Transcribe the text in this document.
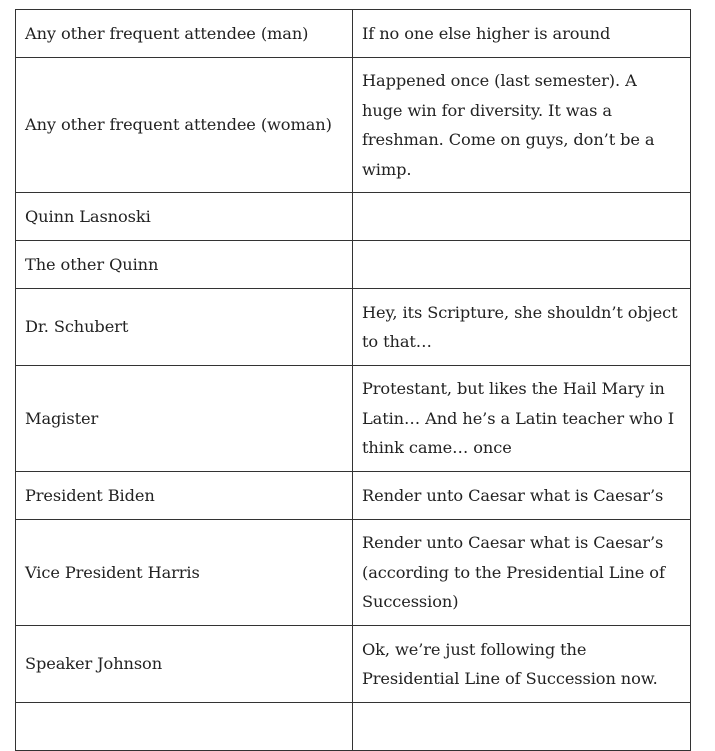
Any other frequent attendee (man)	If no one else higher is around
Any other frequent attendee (woman)	Happened once (last semester). A huge win for diversity. It was a freshman. Come on guys, don’t be a wimp.
Quinn Lasnoski	
The other Quinn	
Dr. Schubert	Hey, its Scripture, she shouldn’t object to that…
Magister	Protestant, but likes the Hail Mary in Latin… And he’s a Latin teacher who I think came… once
President Biden	Render unto Caesar what is Caesar’s
Vice President Harris	Render unto Caesar what is Caesar’s (according to the Presidential Line of Succession)
Speaker Johnson	Ok, we’re just following the Presidential Line of Succession now.
